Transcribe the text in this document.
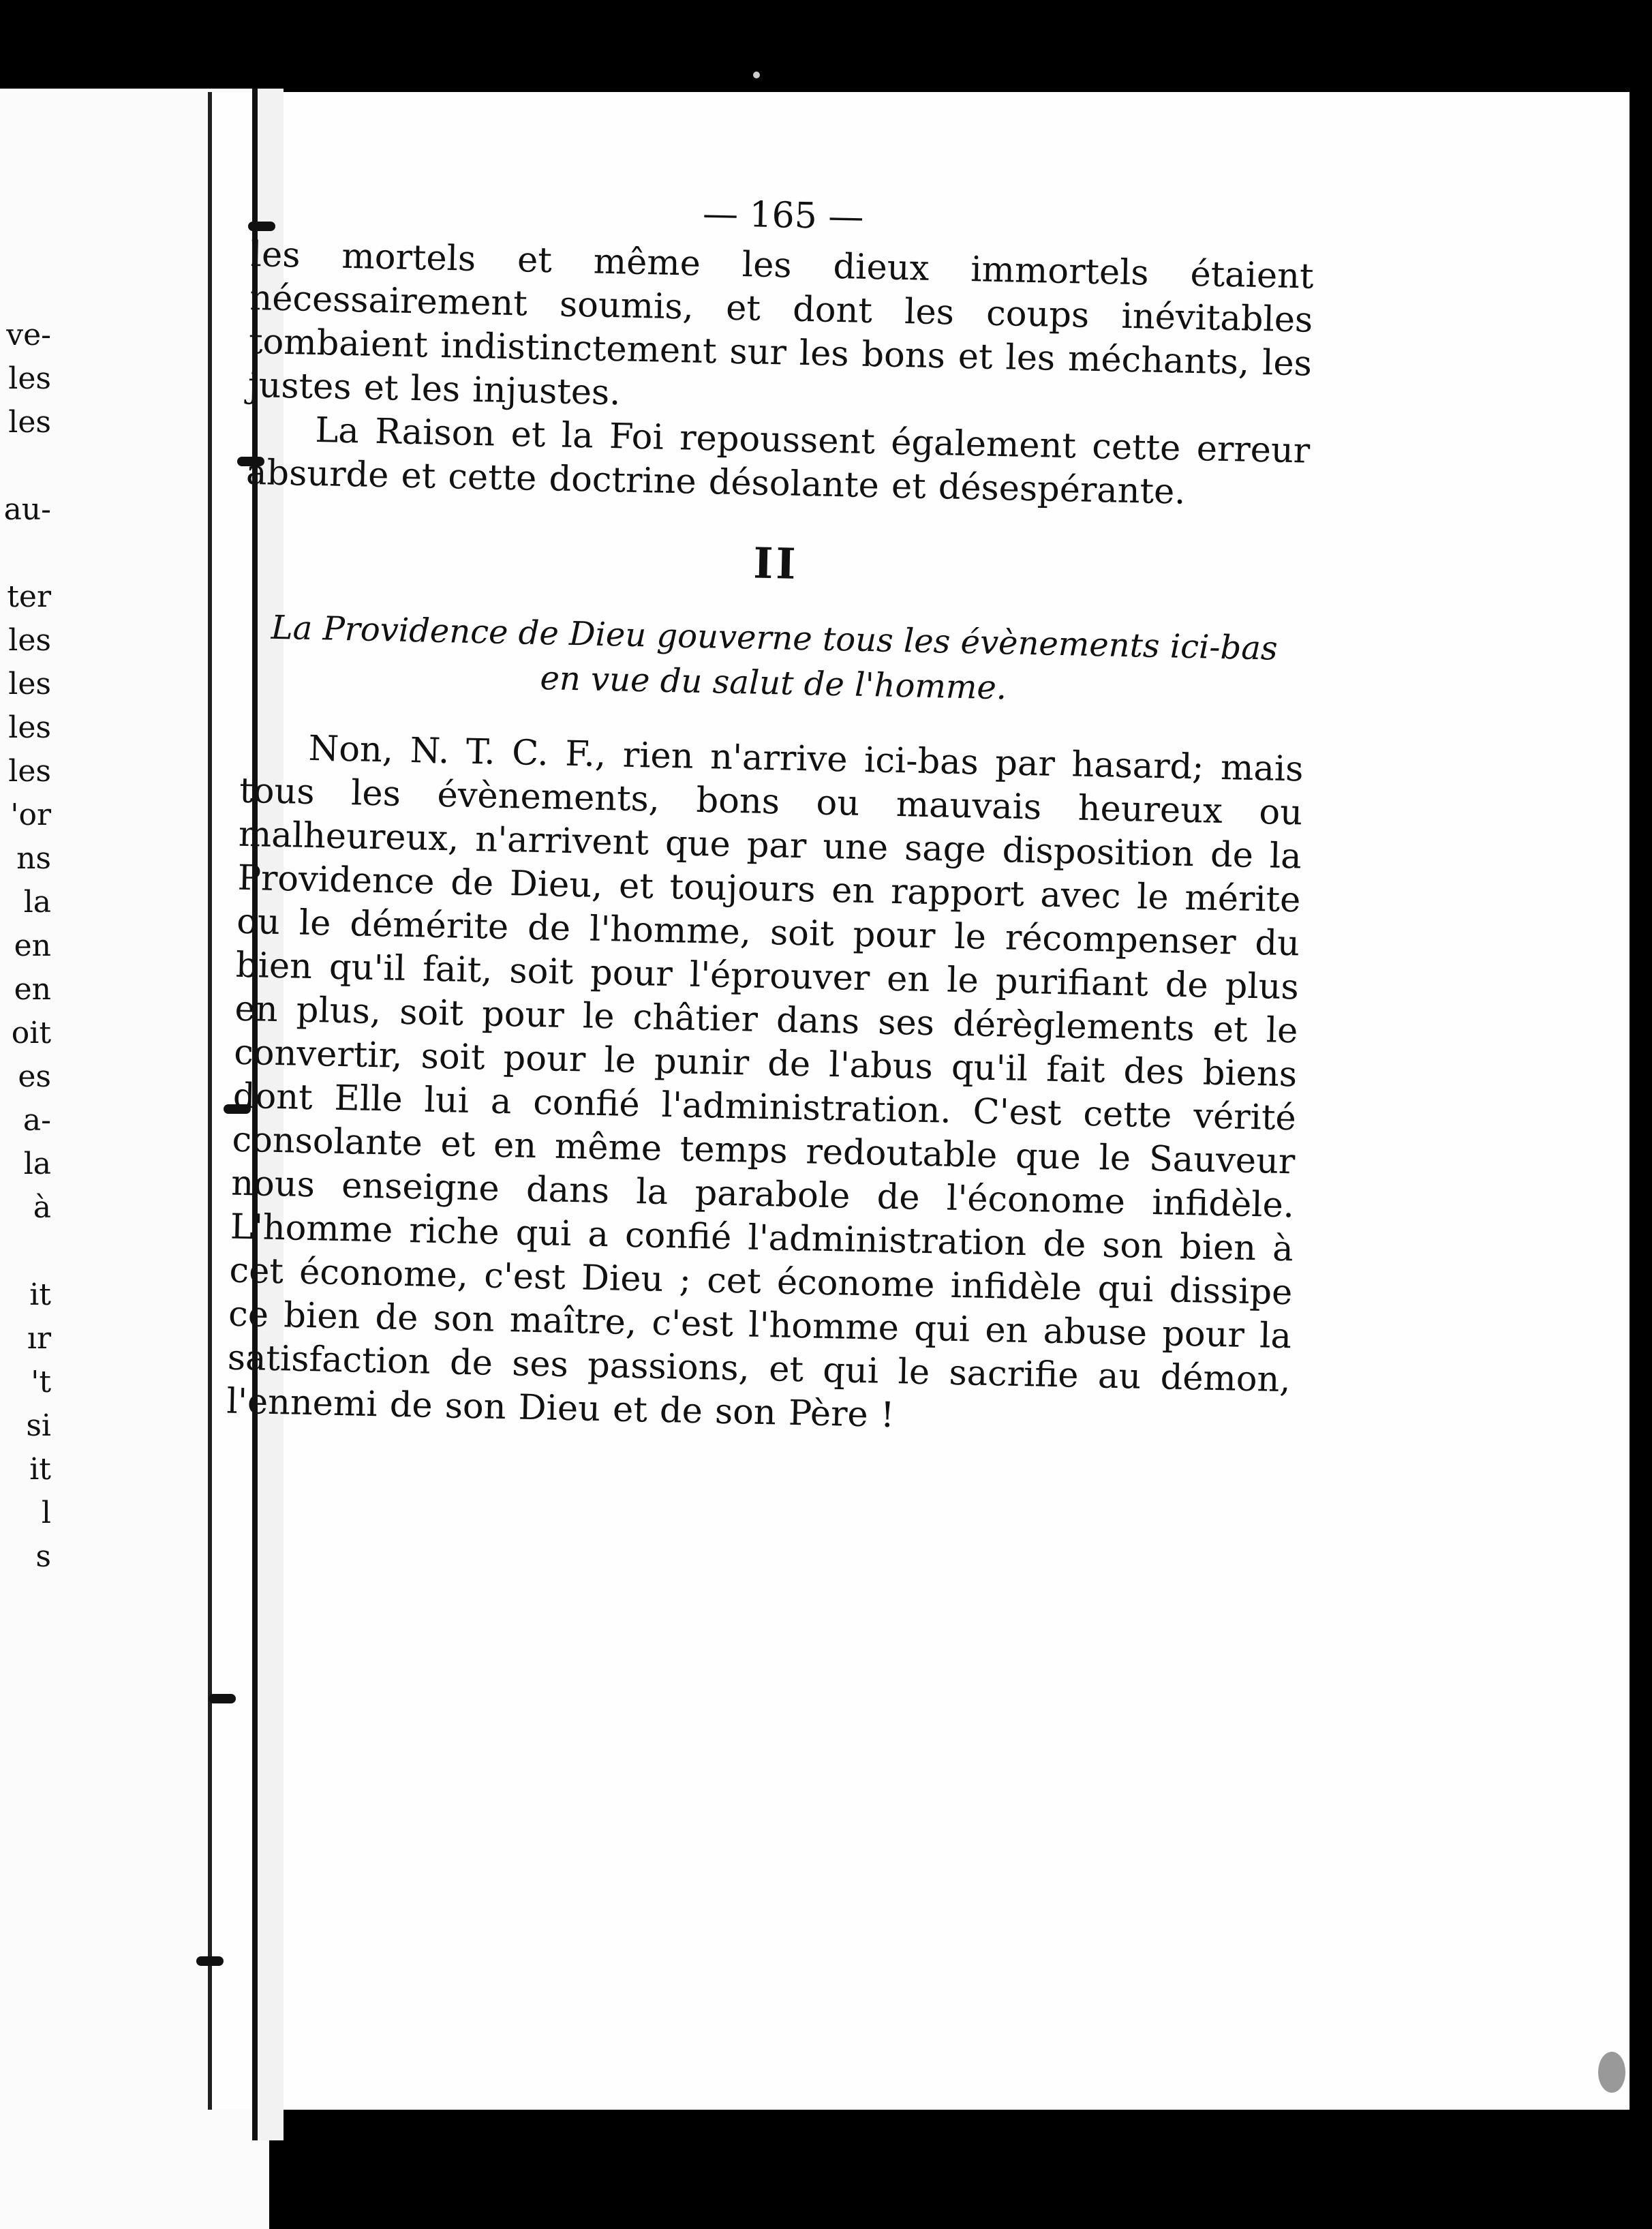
ve-
les
les
au-
ter
les
les
les
les
'or
ns
la
en
en
oit
es
a-
la
à
it
ır
't
si
it
l
s
— 165 —

les mortels et même les dieux immortels étaient nécessairement soumis, et dont les coups inévitables tombaient indistinctement sur les bons et les méchants, les justes et les injustes.

La Raison et la Foi repoussent également cette erreur absurde et cette doctrine désolante et désespérante.

II

La Providence de Dieu gouverne tous les évènements ici-bas en vue du salut de l'homme.

Non, N. T. C. F., rien n'arrive ici-bas par hasard; mais tous les évènements, bons ou mauvais heureux ou malheureux, n'arrivent que par une sage disposition de la Providence de Dieu, et toujours en rapport avec le mérite ou le démérite de l'homme, soit pour le récompenser du bien qu'il fait, soit pour l'éprouver en le purifiant de plus en plus, soit pour le châtier dans ses dérèglements et le convertir, soit pour le punir de l'abus qu'il fait des biens dont Elle lui a confié l'administration. C'est cette vérité consolante et en même temps redoutable que le Sauveur nous enseigne dans la parabole de l'économe infidèle. L'homme riche qui a confié l'administration de son bien à cet économe, c'est Dieu ; cet économe infidèle qui dissipe ce bien de son maître, c'est l'homme qui en abuse pour la satisfaction de ses passions, et qui le sacrifie au démon, l'ennemi de son Dieu et de son Père !
